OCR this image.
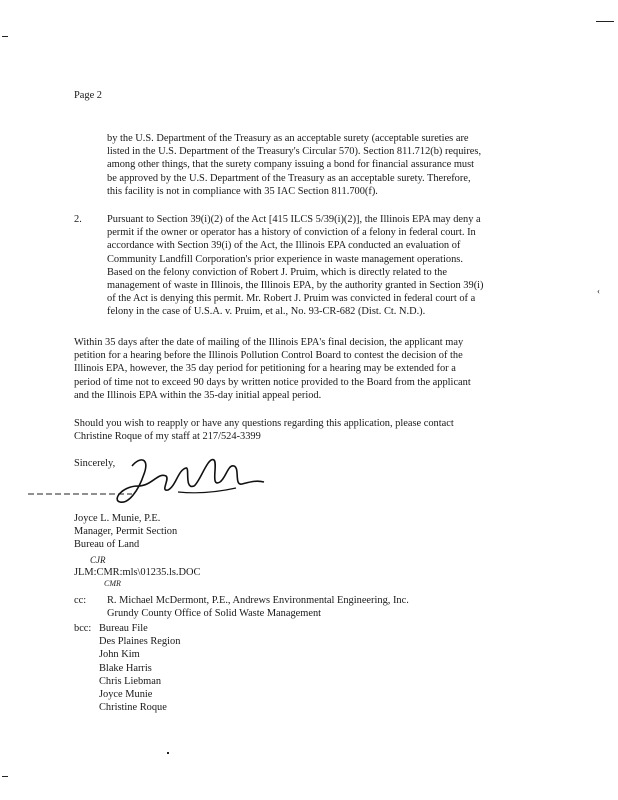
Page 2

by the U.S. Department of the Treasury as an acceptable surety (acceptable sureties are

listed in the U.S. Department of the Treasury's Circular 570). Section 811.712(b) requires,

among other things, that the surety company issuing a bond for financial assurance must

be approved by the U.S. Department of the Treasury as an acceptable surety. Therefore,

this facility is not in compliance with 35 IAC Section 811.700(f).

2. Pursuant to Section 39(i)(2) of the Act [415 ILCS 5/39(i)(2)], the Illinois EPA may deny a

permit if the owner or operator has a history of conviction of a felony in federal court. In

accordance with Section 39(i) of the Act, the Illinois EPA conducted an evaluation of

Community Landfill Corporation's prior experience in waste management operations.

Based on the felony conviction of Robert J. Pruim, which is directly related to the

management of waste in Illinois, the Illinois EPA, by the authority granted in Section 39(i)

of the Act is denying this permit. Mr. Robert J. Pruim was convicted in federal court of a

felony in the case of U.S.A. v. Pruim, et al., No. 93-CR-682 (Dist. Ct. N.D.).

‹

Within 35 days after the date of mailing of the Illinois EPA's final decision, the applicant may

petition for a hearing before the Illinois Pollution Control Board to contest the decision of the

Illinois EPA, however, the 35 day period for petitioning for a hearing may be extended for a

period of time not to exceed 90 days by written notice provided to the Board from the applicant

and the Illinois EPA within the 35-day initial appeal period.

Should you wish to reapply or have any questions regarding this application, please contact

Christine Roque of my staff at 217/524-3399

Sincerely,

Joyce L. Munie, P.E.

Manager, Permit Section

Bureau of Land

CJR
JLM:CMR:mls\01235.ls.DOC
CMR
cc: R. Michael McDermont, P.E., Andrews Environmental Engineering, Inc.

Grundy County Office of Solid Waste Management

bcc: Bureau File

Des Plaines Region

John Kim

Blake Harris

Chris Liebman

Joyce Munie

Christine Roque
